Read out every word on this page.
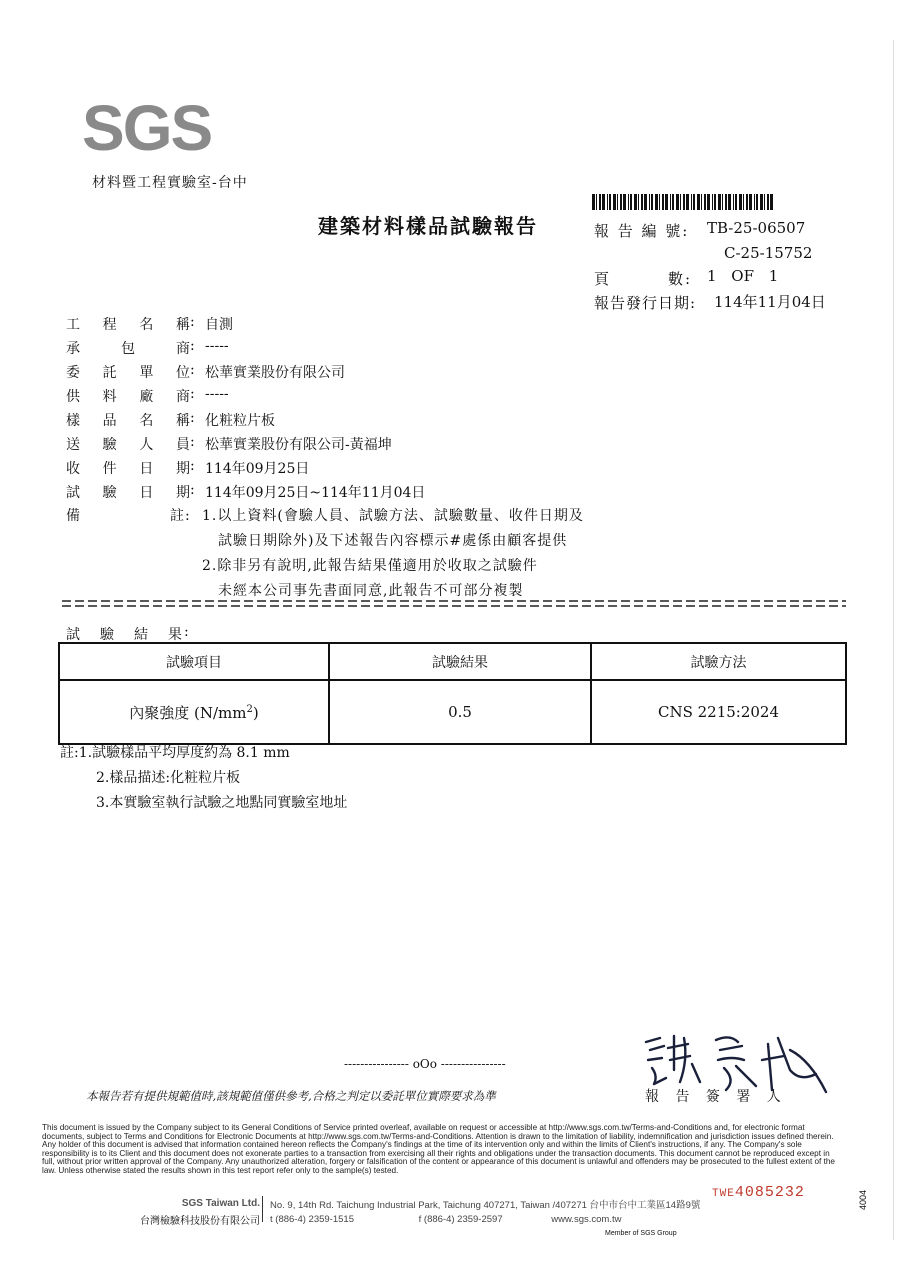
SGS
材料暨工程實驗室-台中
建築材料樣品試驗報告	報 告 編 號: TB-25-06507
C-25-15752
頁	數: 1 OF 1
報告發行日期: 114年11月04日
工 程 名 稱 : 自測
承	包	商 : -----
委 託 單 位 : 松華實業股份有限公司
供 料 廠 商 : -----
樣 品 名 稱 : 化粧粒片板
送 驗 人 員 : 松華實業股份有限公司-黃福坤
收 件 日 期 : 114年09月25日
試 驗 日 期 : 114年09月25日~114年11月04日
備	註: 1.以上資料(會驗人員、試驗方法、試驗數量、收件日期及
試驗日期除外)及下述報告內容標示#處係由顧客提供
2.除非另有說明,此報告結果僅適用於收取之試驗件
未經本公司事先書面同意,此報告不可部分複製
試 驗 結 果 :
試驗項目	試驗結果	試驗方法
內聚強度 $(N/mm^2)$	0.5	CNS 2215:2024
註:1.試驗樣品平均厚度約為 8.1 mm
2.樣品描述:化粧粒片板
3.本實驗室執行試驗之地點同實驗室地址
---------------- oOo ----------------
本報告若有提供規範值時,該規範值僅供參考,合格之判定以委託單位實際要求為準	報 告 簽 署 人
This document is issued by the Company subject to its General Conditions of Service printed overleaf, available on request or accessible at http://www.sgs.com.tw/Terms-and-Conditions and, for electronic format documents, subject to Terms and Conditions for Electronic Documents at http://www.sgs.com.tw/Terms-and-Conditions. Attention is drawn to the limitation of liability, indemnification and jurisdiction issues defined therein. Any holder of this document is advised that information contained hereon reflects the Company's findings at the time of its intervention only and within the limits of Client's instructions, if any. The Company's sole responsibility is to its Client and this document does not exonerate parties to a transaction from exercising all their rights and obligations under the transaction documents. This document cannot be reproduced except in full, without prior written approval of the Company. Any unauthorized alteration, forgery or falsification of the content or appearance of this document is unlawful and offenders may be prosecuted to the fullest extent of the law. Unless otherwise stated the results shown in this test report refer only to the sample(s) tested.
SGS Taiwan Ltd.
台灣檢驗科技股份有限公司
No. 9, 14th Rd. Taichung Industrial Park, Taichung 407271, Taiwan /407271 台中市台中工業區14路9號
t (886-4) 2359-1515	f (886-4) 2359-2597	www.sgs.com.tw
TWE4085232	4004
Member of SGS Group
